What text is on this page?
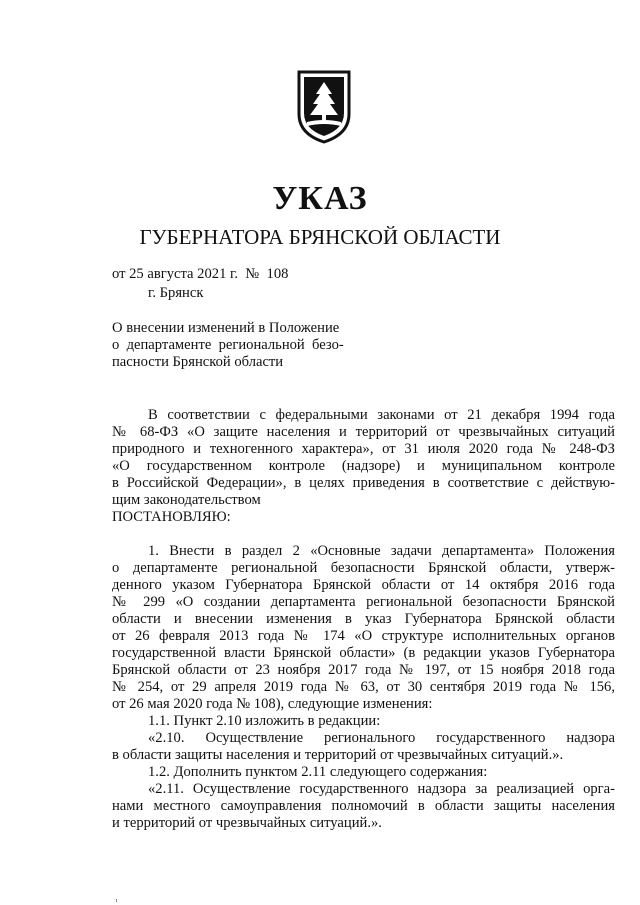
УКАЗ
ГУБЕРНАТОРА БРЯНСКОЙ ОБЛАСТИ
от 25 августа 2021 г.  №  108
г. Брянск
О внесении изменений в Положение
о  департаменте  региональной  безо-
пасности Брянской области
В соответствии с федеральными законами от 21 декабря 1994 года
№ 68-ФЗ «О защите населения и территорий от чрезвычайных ситуаций
природного и техногенного характера», от 31 июля 2020 года № 248-ФЗ
«О государственном контроле (надзоре) и муниципальном контроле
в Российской Федерации», в целях приведения в соответствие с действую-
щим законодательством
ПОСТАНОВЛЯЮ:
1. Внести в раздел 2 «Основные задачи департамента» Положения
о департаменте региональной безопасности Брянской области, утверж-
денного указом Губернатора Брянской области от 14 октября 2016 года
№ 299 «О создании департамента региональной безопасности Брянской
области и внесении изменения в указ Губернатора Брянской области
от 26 февраля 2013 года № 174 «О структуре исполнительных органов
государственной власти Брянской области» (в редакции указов Губернатора
Брянской области от 23 ноября 2017 года № 197, от 15 ноября 2018 года
№ 254, от 29 апреля 2019 года № 63, от 30 сентября 2019 года № 156,
от 26 мая 2020 года № 108), следующие изменения:
1.1. Пункт 2.10 изложить в редакции:
«2.10. Осуществление регионального государственного надзора
в области защиты населения и территорий от чрезвычайных ситуаций.».
1.2. Дополнить пунктом 2.11 следующего содержания:
«2.11. Осуществление государственного надзора за реализацией орга-
нами местного самоуправления полномочий в области защиты населения
и территорий от чрезвычайных ситуаций.».
